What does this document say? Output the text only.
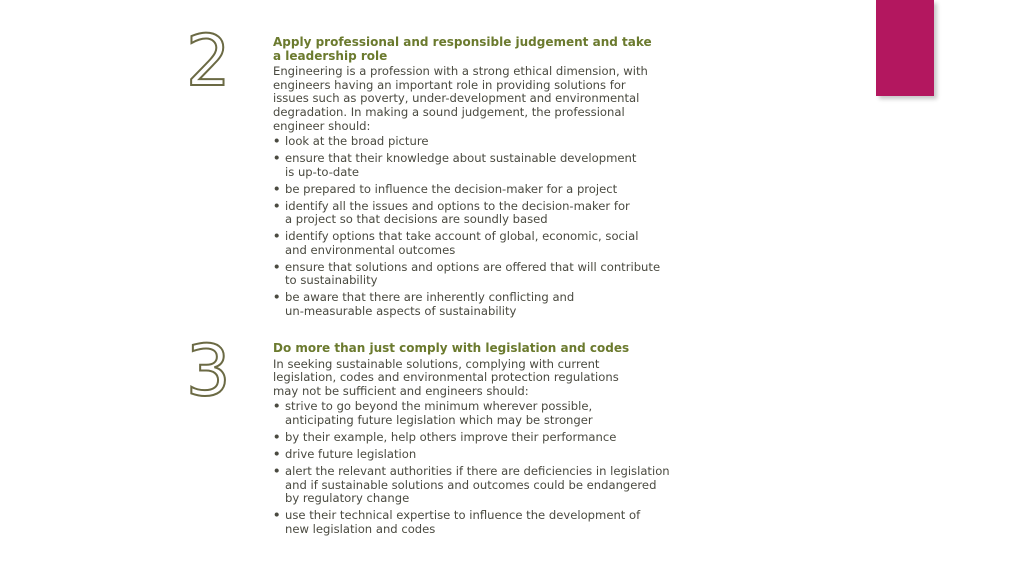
2	Apply professional and responsible judgement and take
a leadership role
Engineering is a profession with a strong ethical dimension, with
engineers having an important role in providing solutions for
issues such as poverty, under-development and environmental
degradation. In making a sound judgement, the professional
engineer should:
• look at the broad picture
• ensure that their knowledge about sustainable development
is up-to-date
• be prepared to influence the decision-maker for a project
• identify all the issues and options to the decision-maker for
a project so that decisions are soundly based
• identify options that take account of global, economic, social
and environmental outcomes
• ensure that solutions and options are offered that will contribute
to sustainability
• be aware that there are inherently conflicting and
un-measurable aspects of sustainability
3	Do more than just comply with legislation and codes
In seeking sustainable solutions, complying with current
legislation, codes and environmental protection regulations
may not be sufficient and engineers should:
• strive to go beyond the minimum wherever possible,
anticipating future legislation which may be stronger
• by their example, help others improve their performance
• drive future legislation
• alert the relevant authorities if there are deficiencies in legislation
and if sustainable solutions and outcomes could be endangered
by regulatory change
• use their technical expertise to influence the development of
new legislation and codes
